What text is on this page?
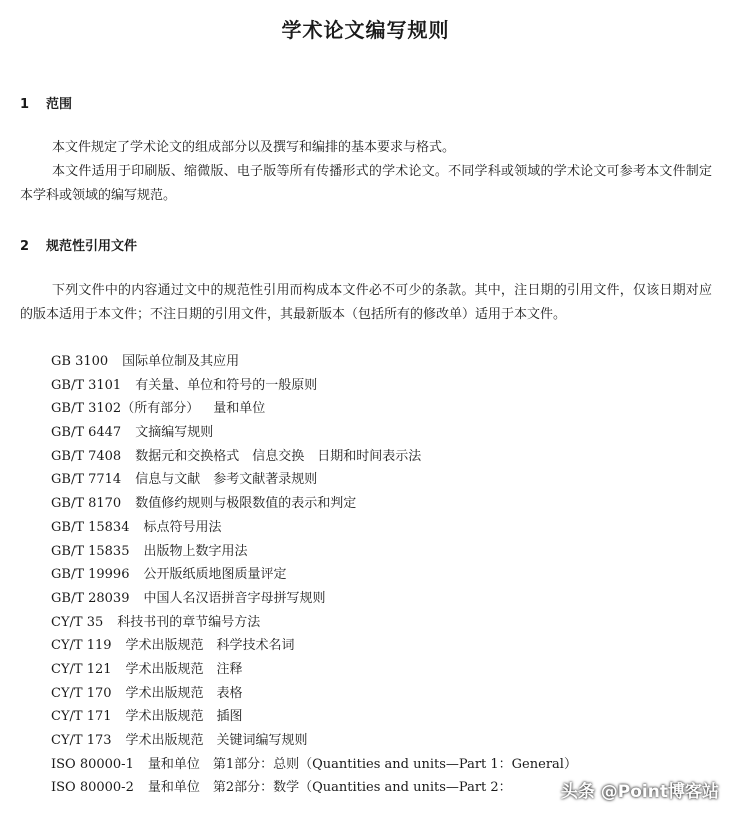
学术论文编写规则
1 范围

本文件规定了学术论文的组成部分以及撰写和编排的基本要求与格式。

本文件适用于印刷版、缩微版、电子版等所有传播形式的学术论文。不同学科或领域的学术论文可参考本文件制定本学科或领域的编写规范。

2 规范性引用文件

下列文件中的内容通过文中的规范性引用而构成本文件必不可少的条款。其中，注日期的引用文件，仅该日期对应的版本适用于本文件；不注日期的引用文件，其最新版本（包括所有的修改单）适用于本文件。

GB 3100 国际单位制及其应用
GB/T 3101 有关量、单位和符号的一般原则
GB/T 3102（所有部分） 量和单位
GB/T 6447 文摘编写规则
GB/T 7408 数据元和交换格式　信息交换　日期和时间表示法
GB/T 7714 信息与文献　参考文献著录规则
GB/T 8170 数值修约规则与极限数值的表示和判定
GB/T 15834 标点符号用法
GB/T 15835 出版物上数字用法
GB/T 19996 公开版纸质地图质量评定
GB/T 28039 中国人名汉语拼音字母拼写规则
CY/T 35 科技书刊的章节编号方法
CY/T 119 学术出版规范　科学技术名词
CY/T 121 学术出版规范　注释
CY/T 170 学术出版规范　表格
CY/T 171 学术出版规范　插图
CY/T 173 学术出版规范　关键词编写规则
ISO 80000-1 量和单位　第1部分：总则（Quantities and units—Part 1：General）
ISO 80000-2 量和单位　第2部分：数学（Quantities and units—Part 2：	头条 @Point博客站
